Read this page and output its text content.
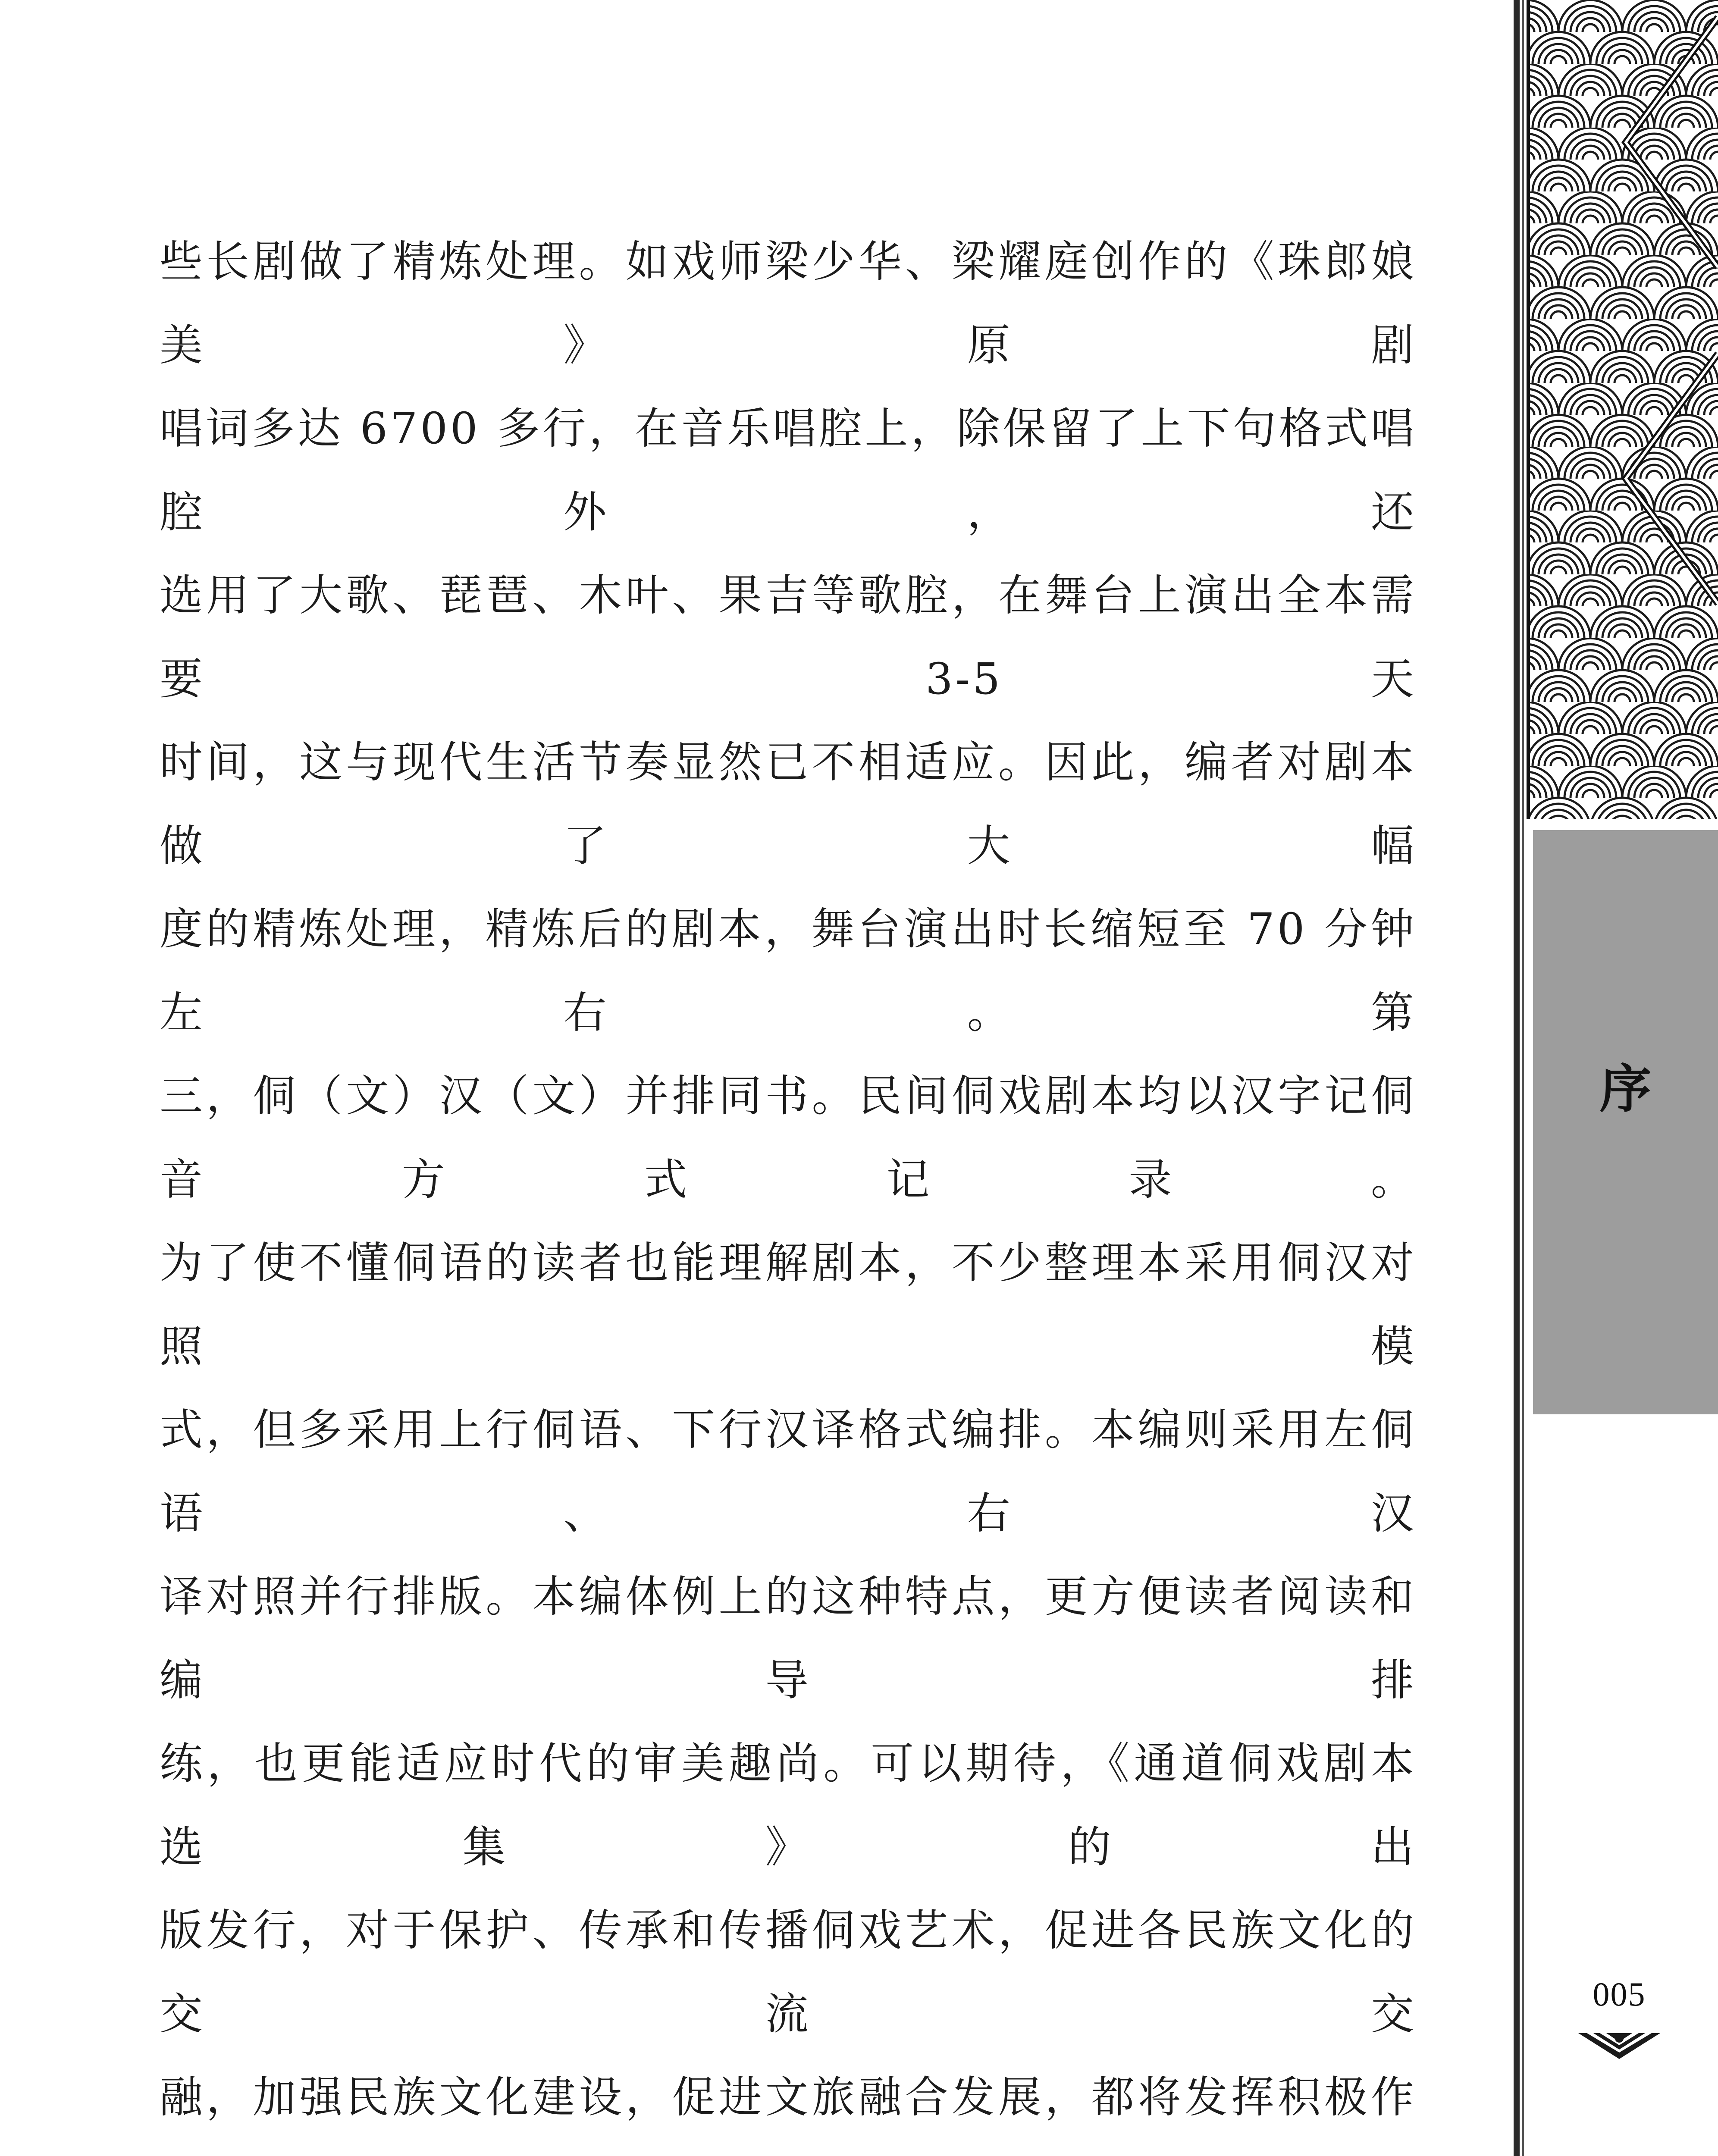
些长剧做了精炼处理。如戏师梁少华、梁耀庭创作的《珠郎娘美》原剧
唱词多达 6700 多行，在音乐唱腔上，除保留了上下句格式唱腔外，还
选用了大歌、琵琶、木叶、果吉等歌腔，在舞台上演出全本需要 3-5 天
时间，这与现代生活节奏显然已不相适应。因此，编者对剧本做了大幅
度的精炼处理，精炼后的剧本，舞台演出时长缩短至 70 分钟左右。第
三，侗（文）汉（文）并排同书。民间侗戏剧本均以汉字记侗音方式记录。
为了使不懂侗语的读者也能理解剧本，不少整理本采用侗汉对照模
式，但多采用上行侗语、下行汉译格式编排。本编则采用左侗语、右汉
译对照并行排版。本编体例上的这种特点，更方便读者阅读和编导排
练，也更能适应时代的审美趣尚。可以期待，《通道侗戏剧本选集》的出
版发行，对于保护、传承和传播侗戏艺术，促进各民族文化的交流交

融，加强民族文化建设，促进文旅融合发展，都将发挥积极作

序
005
